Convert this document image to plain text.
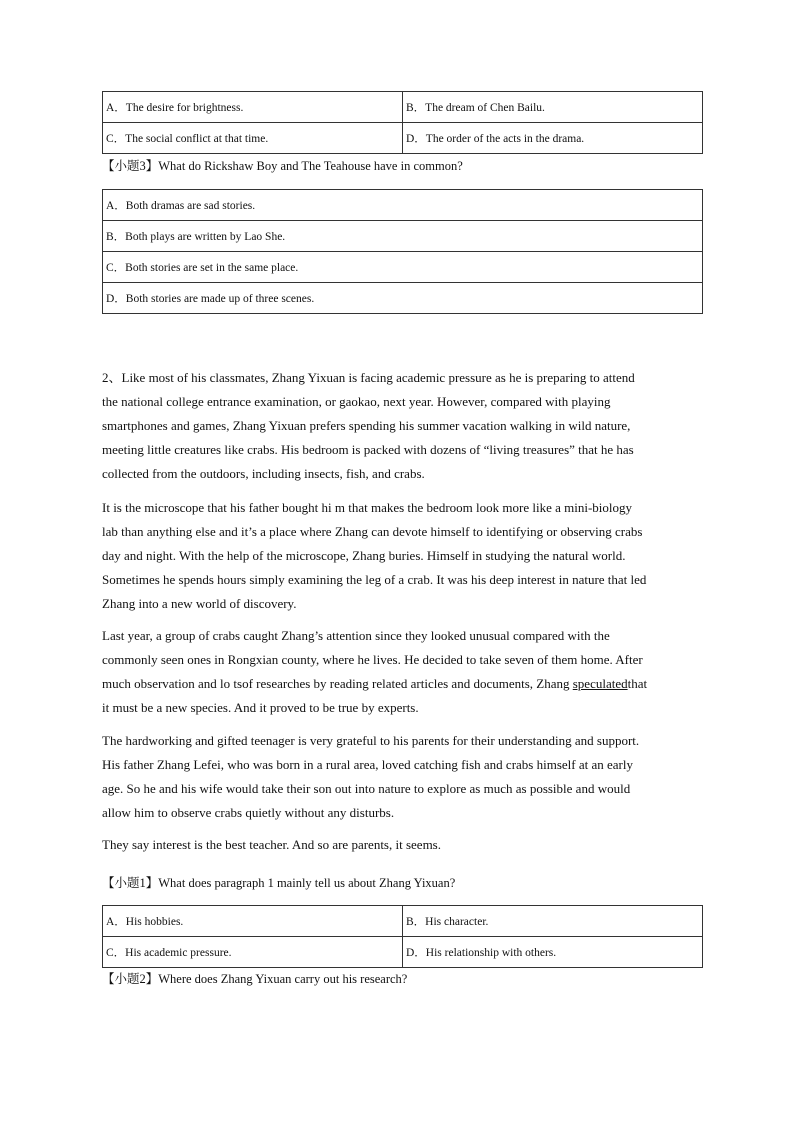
A．The desire for brightness.	B．The dream of Chen Bailu.
C．The social conflict at that time.	D．The order of the acts in the drama.
【小题3】What do Rickshaw Boy and The Teahouse have in common?
A．Both dramas are sad stories.
B．Both plays are written by Lao She.
C．Both stories are set in the same place.
D．Both stories are made up of three scenes.
2、Like most of his classmates, Zhang Yixuan is facing academic pressure as he is preparing to attend
the national college entrance examination, or gaokao, next year. However, compared with playing
smartphones and games, Zhang Yixuan prefers spending his summer vacation walking in wild nature,
meeting little creatures like crabs. His bedroom is packed with dozens of “living treasures” that he has
collected from the outdoors, including insects, fish, and crabs.
It is the microscope that his father bought hi m that makes the bedroom look more like a mini-biology
lab than anything else and it’s a place where Zhang can devote himself to identifying or observing crabs
day and night. With the help of the microscope, Zhang buries. Himself in studying the natural world.
Sometimes he spends hours simply examining the leg of a crab. It was his deep interest in nature that led
Zhang into a new world of discovery.
Last year, a group of crabs caught Zhang’s attention since they looked unusual compared with the
commonly seen ones in Rongxian county, where he lives. He decided to take seven of them home. After
much observation and lo tsof researches by reading related articles and documents, Zhang speculatedthat
it must be a new species. And it proved to be true by experts.
The hardworking and gifted teenager is very grateful to his parents for their understanding and support.
His father Zhang Lefei, who was born in a rural area, loved catching fish and crabs himself at an early
age. So he and his wife would take their son out into nature to explore as much as possible and would
allow him to observe crabs quietly without any disturbs.
They say interest is the best teacher. And so are parents, it seems.
【小题1】What does paragraph 1 mainly tell us about Zhang Yixuan?
A．His hobbies.	B．His character.
C．His academic pressure.	D．His relationship with others.
【小题2】Where does Zhang Yixuan carry out his research?
